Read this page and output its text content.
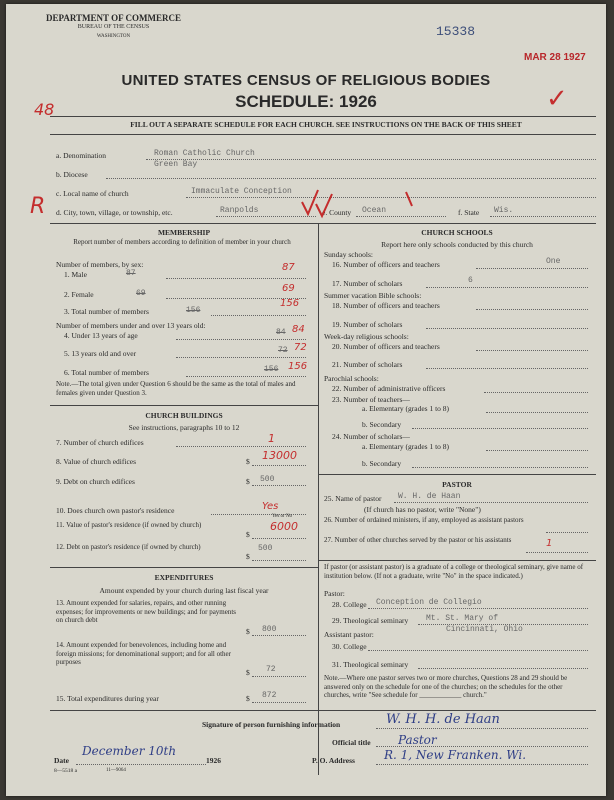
DEPARTMENT OF COMMERCE
BUREAU OF THE CENSUS
WASHINGTON	15338
MAR 28 1927
✓
UNITED STATES CENSUS OF RELIGIOUS BODIES
SCHEDULE: 1926
48
FILL OUT A SEPARATE SCHEDULE FOR EACH CHURCH. SEE INSTRUCTIONS ON THE BACK OF THIS SHEET
a. Denomination	Roman Catholic Church
b. Diocese
Green Bay
c. Local name of church	Immaculate Conception
R d. City, town, village, or township, etc.	Ranpolds	e. County Ocean	f. State Wis.
MEMBERSHIP
Report number of members according to definition of member in your church
Number of members, by sex:
1. Male	87
87
2. Female	69	69
3. Total number of members	156
156
Number of members under and over 13 years old:
4. Under 13 years of age	84 84
5. 13 years old and over	72 72
6. Total number of members	156 156
Note.—The total given under Question 6 should be the same as the total of males and females given under Question 3.
CHURCH BUILDINGS
See instructions, paragraphs 10 to 12
7. Number of church edifices	1
8. Value of church edifices	$ 13000
9. Debt on church edifices	$ 500
10. Does church own pastor's residence	Yes
Yes or No
11. Value of pastor's residence (if owned by church)
$
6000
12. Debt on pastor's residence (if owned by church)
$
500
EXPENDITURES
Amount expended by your church during last fiscal year
13. Amount expended for salaries, repairs, and other running expenses; for improvements or new buildings; and for payments on church debt
$ 800
14. Amount expended for benevolences, including home and foreign missions; for denominational support; and for all other purposes
$ 72
15. Total expenditures during year	$ 872
CHURCH SCHOOLS
Report here only schools conducted by this church
Sunday schools:
16. Number of officers and teachers	One
17. Number of scholars	6
Summer vacation Bible schools:
18. Number of officers and teachers
19. Number of scholars
Week-day religious schools:
20. Number of officers and teachers
21. Number of scholars
Parochial schools:
22. Number of administrative officers
23. Number of teachers—
a. Elementary (grades 1 to 8)
b. Secondary
24. Number of scholars—
a. Elementary (grades 1 to 8)
b. Secondary
PASTOR
25. Name of pastor W. H. de Haan
(If church has no pastor, write "None")
26. Number of ordained ministers, if any, employed as assistant pastors
27. Number of other churches served by the pastor or his assistants	1
If pastor (or assistant pastor) is a graduate of a college or theological seminary, give name of institution below. (If not a graduate, write "No" in the space indicated.)
Pastor:
28. College Conception de Collegio
29. Theological seminary Mt. St. Mary of
Cincinnati, Ohio
Assistant pastor:
30. College
31. Theological seminary
Note.—Where one pastor serves two or more churches, Questions 28 and 29 should be answered only on the schedule for one of the churches; on the schedules for the other churches, write "See schedule for ____________ church."
Signature of person furnishing information	W. H. H. de Haan
Official title Pastor
Date
December 10th
1926	P. O. Address R. 1, New Franken. Wi.
8—5518 a	11—9064
